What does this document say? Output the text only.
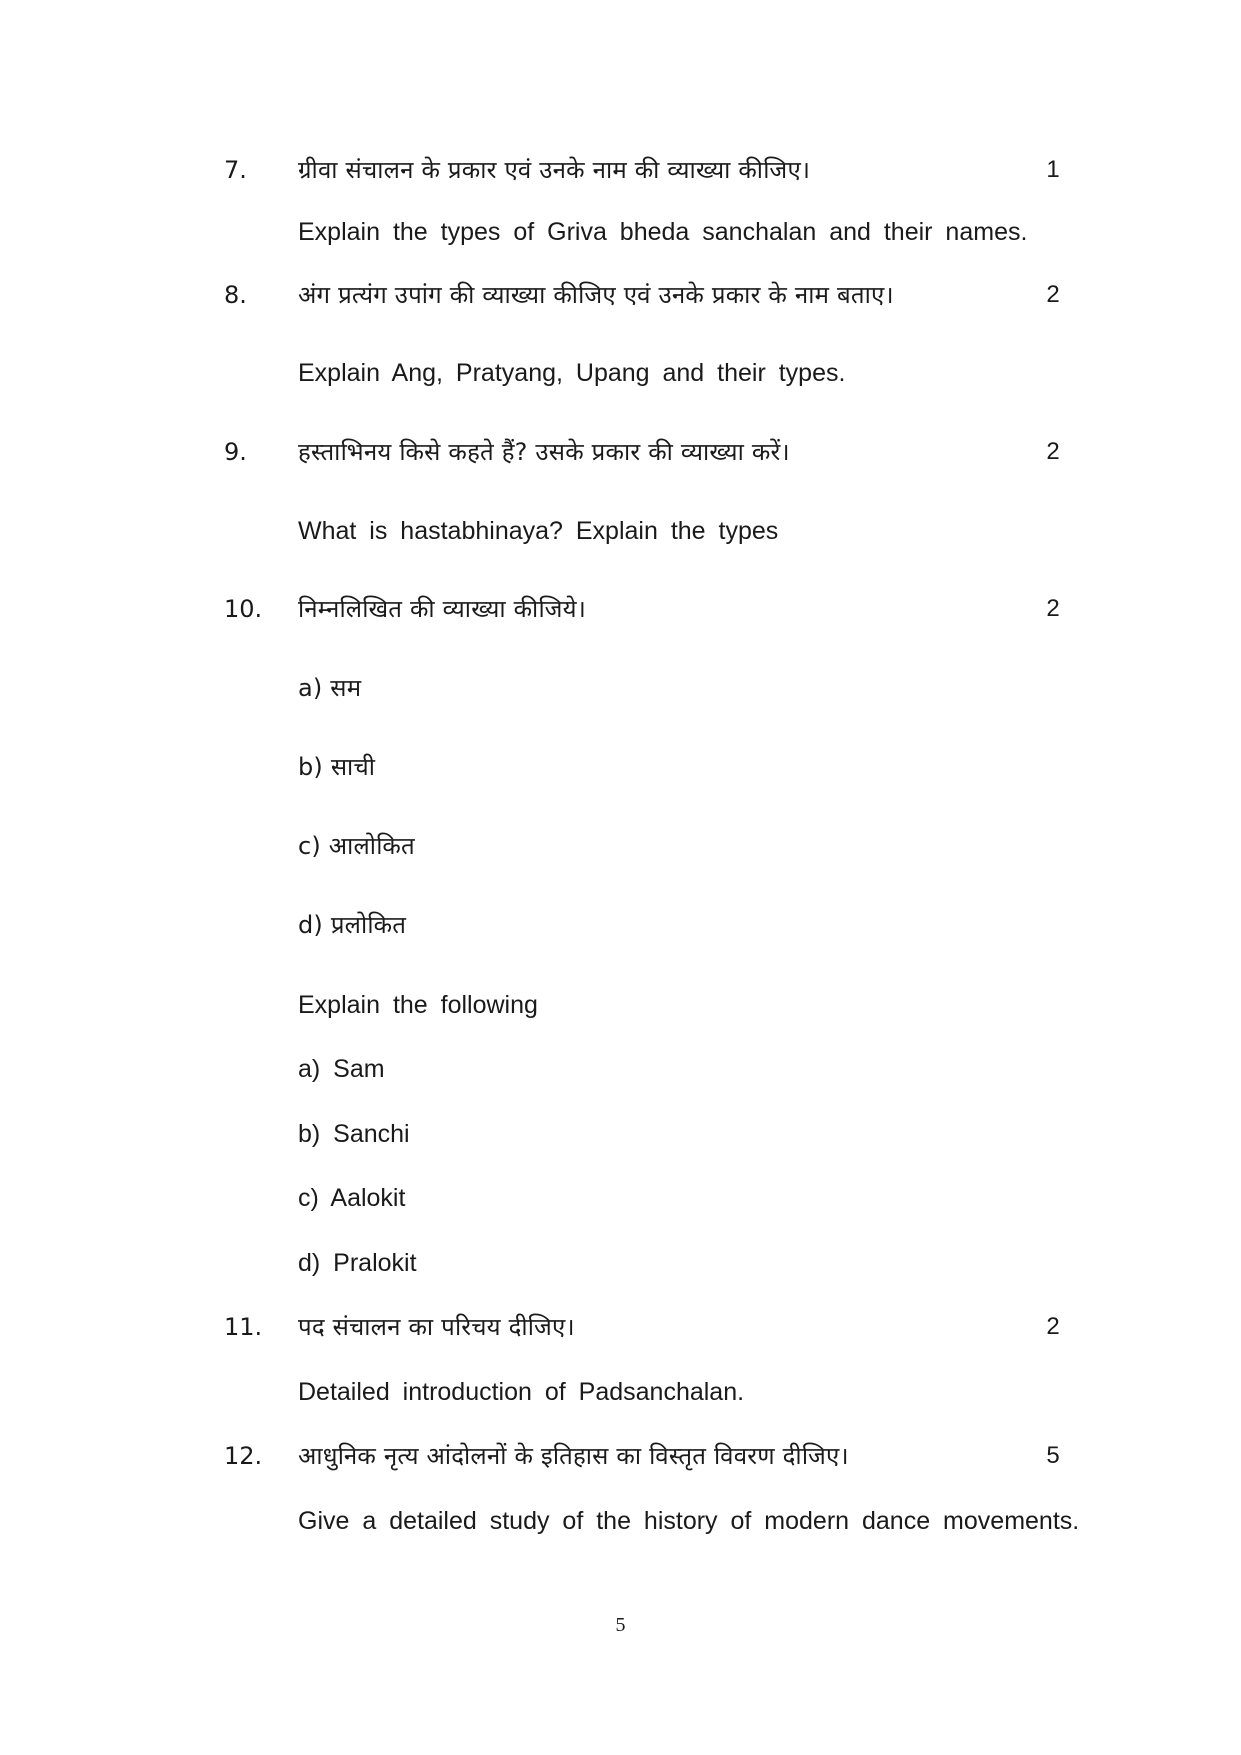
7. ग्रीवा संचालन के प्रकार एवं उनके नाम की व्याख्या कीजिए।	1
Explain the types of Griva bheda sanchalan and their names.
8. अंग प्रत्यंग उपांग की व्याख्या कीजिए एवं उनके प्रकार के नाम बताए।	2
Explain Ang, Pratyang, Upang and their types.
9. हस्ताभिनय किसे कहते हैं? उसके प्रकार की व्याख्या करें।	2
What is hastabhinaya? Explain the types
10. निम्नलिखित की व्याख्या कीजिये।	2
a) सम
b) साची
c) आलोकित
d) प्रलोकित
Explain the following
a) Sam
b) Sanchi
c) Aalokit
d) Pralokit
11. पद संचालन का परिचय दीजिए।	2
Detailed introduction of Padsanchalan.
12. आधुनिक नृत्य आंदोलनों के इतिहास का विस्तृत विवरण दीजिए।	5
Give a detailed study of the history of modern dance movements.
5
